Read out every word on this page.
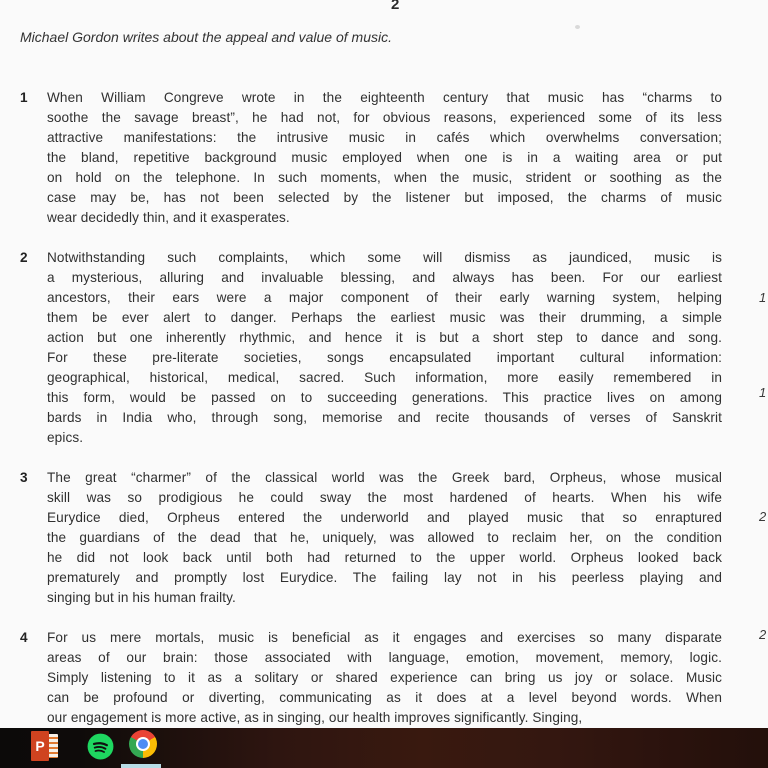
2
Michael Gordon writes about the appeal and value of music.
1 When William Congreve wrote in the eighteenth century that music has “charms to
soothe the savage breast”, he had not, for obvious reasons, experienced some of its less
attractive manifestations: the intrusive music in cafés which overwhelms conversation;
the bland, repetitive background music employed when one is in a waiting area or put
on hold on the telephone. In such moments, when the music, strident or soothing as the
case may be, has not been selected by the listener but imposed, the charms of music
wear decidedly thin, and it exasperates.
2 Notwithstanding such complaints, which some will dismiss as jaundiced, music is
a mysterious, alluring and invaluable blessing, and always has been. For our earliest
ancestors, their ears were a major component of their early warning system, helping
them be ever alert to danger. Perhaps the earliest music was their drumming, a simple
action but one inherently rhythmic, and hence it is but a short step to dance and song.
For these pre-literate societies, songs encapsulated important cultural information:
geographical, historical, medical, sacred. Such information, more easily remembered in
this form, would be passed on to succeeding generations. This practice lives on among
bards in India who, through song, memorise and recite thousands of verses of Sanskrit
epics.
3 The great “charmer” of the classical world was the Greek bard, Orpheus, whose musical
skill was so prodigious he could sway the most hardened of hearts. When his wife
Eurydice died, Orpheus entered the underworld and played music that so enraptured
the guardians of the dead that he, uniquely, was allowed to reclaim her, on the condition
he did not look back until both had returned to the upper world. Orpheus looked back
prematurely and promptly lost Eurydice. The failing lay not in his peerless playing and
singing but in his human frailty.
4 For us mere mortals, music is beneficial as it engages and exercises so many disparate
areas of our brain: those associated with language, emotion, movement, memory, logic.
Simply listening to it as a solitary or shared experience can bring us joy or solace. Music
can be profound or diverting, communicating as it does at a level beyond words. When
our engagement is more active, as in singing, our health improves significantly. Singing,
1
1
2
2
P
